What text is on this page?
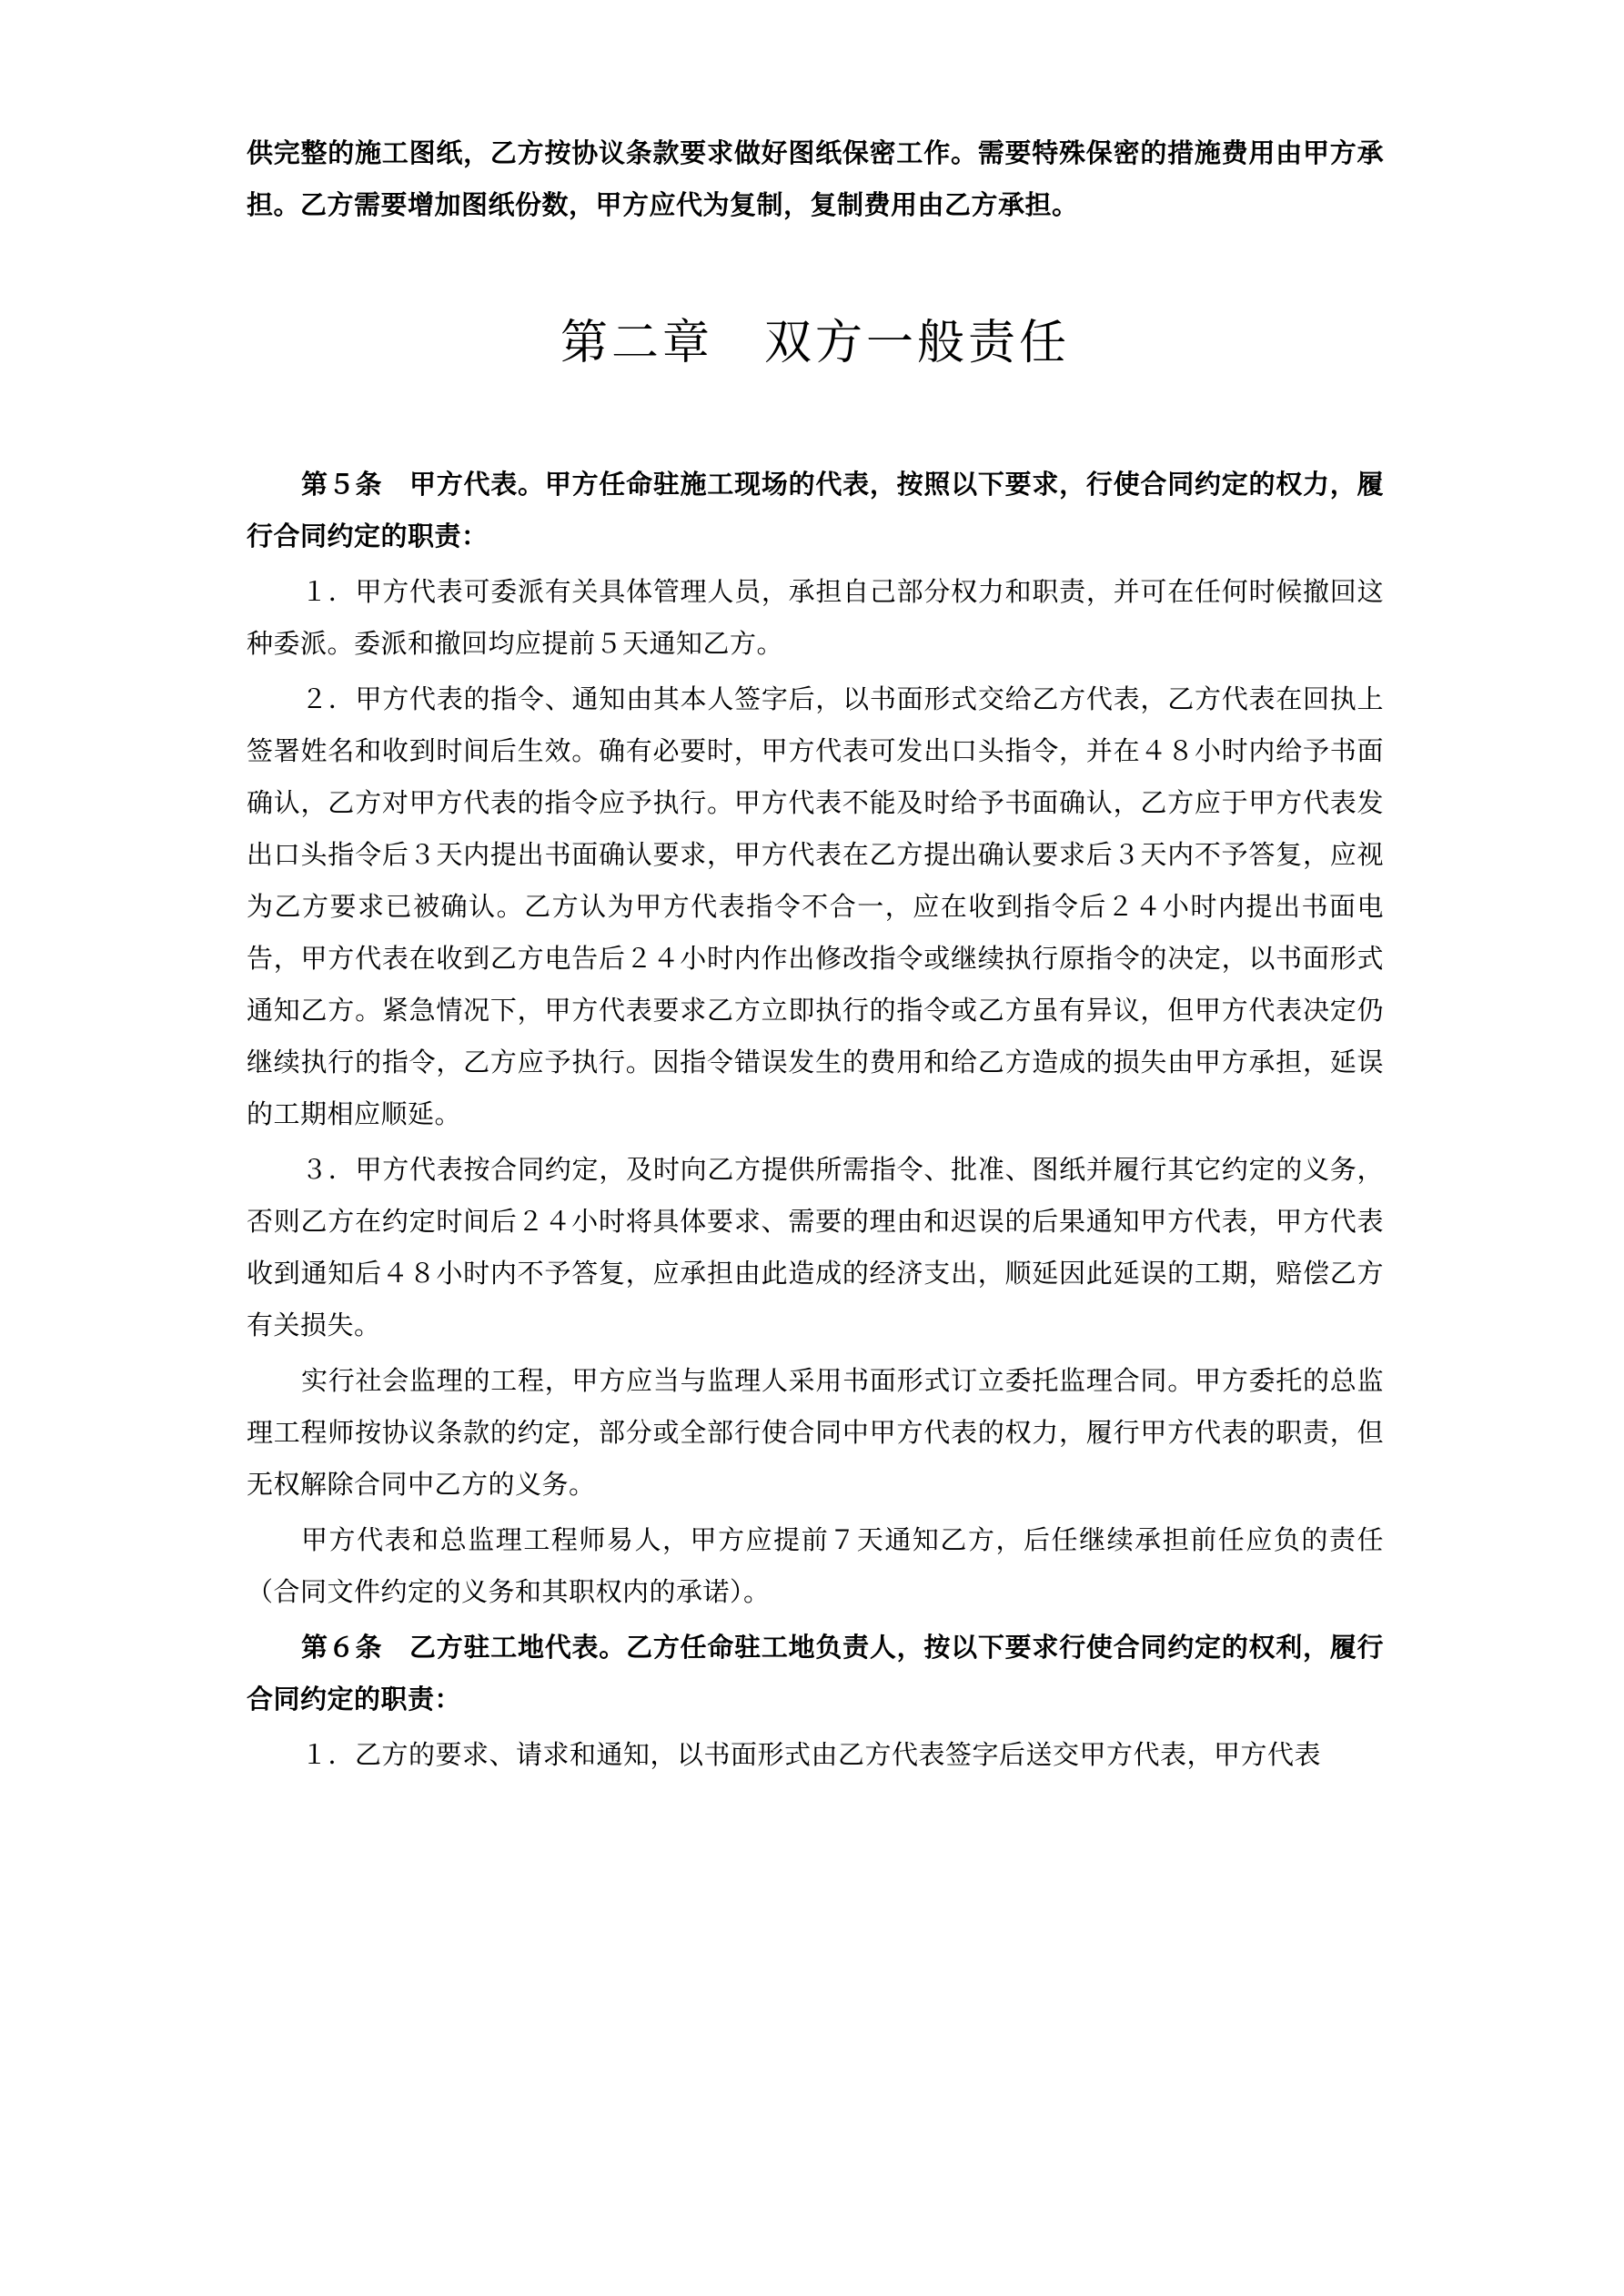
供完整的施工图纸，乙方按协议条款要求做好图纸保密工作。需要特殊保密的措施费用由甲方承担。乙方需要增加图纸份数，甲方应代为复制，复制费用由乙方承担。

第二章　双方一般责任

第５条　甲方代表。甲方任命驻施工现场的代表，按照以下要求，行使合同约定的权力，履行合同约定的职责：

１．甲方代表可委派有关具体管理人员，承担自己部分权力和职责，并可在任何时候撤回这种委派。委派和撤回均应提前５天通知乙方。

２．甲方代表的指令、通知由其本人签字后，以书面形式交给乙方代表，乙方代表在回执上签署姓名和收到时间后生效。确有必要时，甲方代表可发出口头指令，并在４８小时内给予书面确认，乙方对甲方代表的指令应予执行。甲方代表不能及时给予书面确认，乙方应于甲方代表发出口头指令后３天内提出书面确认要求，甲方代表在乙方提出确认要求后３天内不予答复，应视为乙方要求已被确认。乙方认为甲方代表指令不合一，应在收到指令后２４小时内提出书面电告，甲方代表在收到乙方电告后２４小时内作出修改指令或继续执行原指令的决定，以书面形式通知乙方。紧急情况下，甲方代表要求乙方立即执行的指令或乙方虽有异议，但甲方代表决定仍继续执行的指令，乙方应予执行。因指令错误发生的费用和给乙方造成的损失由甲方承担，延误的工期相应顺延。

３．甲方代表按合同约定，及时向乙方提供所需指令、批准、图纸并履行其它约定的义务，否则乙方在约定时间后２４小时将具体要求、需要的理由和迟误的后果通知甲方代表，甲方代表收到通知后４８小时内不予答复，应承担由此造成的经济支出，顺延因此延误的工期，赔偿乙方有关损失。

实行社会监理的工程，甲方应当与监理人采用书面形式订立委托监理合同。甲方委托的总监理工程师按协议条款的约定，部分或全部行使合同中甲方代表的权力，履行甲方代表的职责，但无权解除合同中乙方的义务。

甲方代表和总监理工程师易人，甲方应提前７天通知乙方，后任继续承担前任应负的责任（合同文件约定的义务和其职权内的承诺）。

第６条　乙方驻工地代表。乙方任命驻工地负责人，按以下要求行使合同约定的权利，履行合同约定的职责：

１．乙方的要求、请求和通知，以书面形式由乙方代表签字后送交甲方代表，甲方代表
